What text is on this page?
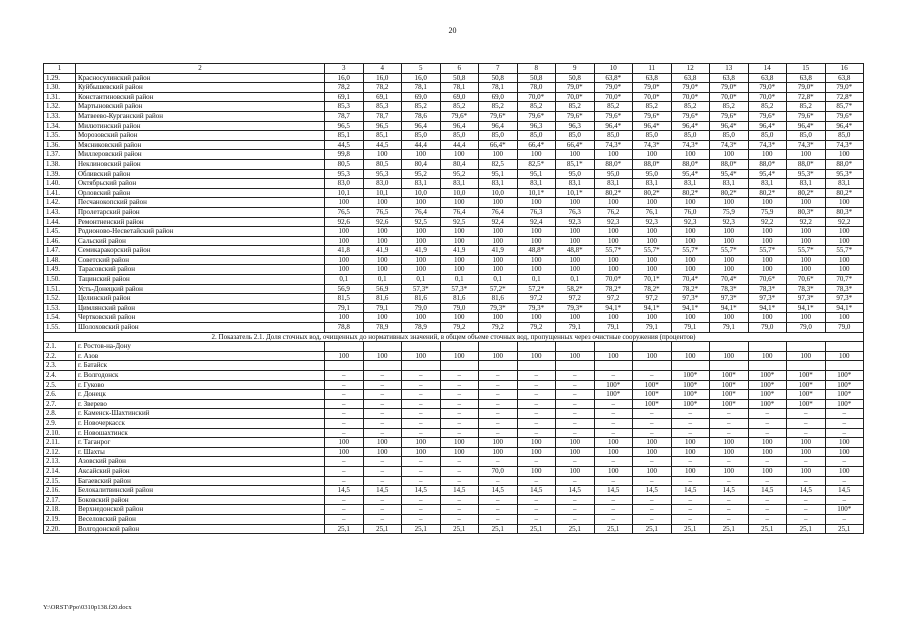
20
1	2	3	4	5	6	7	8	9	10	11	12	13	14	15	16
1.29.	Красносулинский район	16,0	16,0	16,0	50,8	50,8	50,8	50,8	63,8*	63,8	63,8	63,8	63,8	63,8	63,8
1.30.	Куйбышевский район	78,2	78,2	78,1	78,1	78,1	78,0	79,0*	79,0*	79,0*	79,0*	79,0*	79,0*	79,0*	79,0*
1.31.	Константиновский район	69,1	69,1	69,0	69,0	69,0	70,0*	70,0*	70,0*	70,0*	70,0*	70,0*	70,0*	72,8*	72,8*
1.32.	Мартыновский район	85,3	85,3	85,2	85,2	85,2	85,2	85,2	85,2	85,2	85,2	85,2	85,2	85,2	85,7*
1.33.	Матвеево-Курганский район	78,7	78,7	78,6	79,6*	79,6*	79,6*	79,6*	79,6*	79,6*	79,6*	79,6*	79,6*	79,6*	79,6*
1.34.	Милютинский район	96,5	96,5	96,4	96,4	96,4	96,3	96,3	96,4*	96,4*	96,4*	96,4*	96,4*	96,4*	96,4*
1.35.	Морозовский район	85,1	85,1	85,0	85,0	85,0	85,0	85,0	85,0	85,0	85,0	85,0	85,0	85,0	85,0
1.36.	Мясниковский район	44,5	44,5	44,4	44,4	66,4*	66,4*	66,4*	74,3*	74,3*	74,3*	74,3*	74,3*	74,3*	74,3*
1.37.	Миллеровский район	99,8	100	100	100	100	100	100	100	100	100	100	100	100	100
1.38.	Неклиновский район	80,5	80,5	80,4	80,4	82,5	82,5*	85,1*	88,0*	88,0*	88,0*	88,0*	88,0*	88,0*	88,0*
1.39.	Обливский район	95,3	95,3	95,2	95,2	95,1	95,1	95,0	95,0	95,0	95,4*	95,4*	95,4*	95,3*	95,3*
1.40.	Октябрьский район	83,0	83,0	83,1	83,1	83,1	83,1	83,1	83,1	83,1	83,1	83,1	83,1	83,1	83,1
1.41.	Орловский район	10,1	10,1	10,0	10,0	10,0	10,1*	10,1*	80,2*	80,2*	80,2*	80,2*	80,2*	80,2*	80,2*
1.42.	Песчанокопский район	100	100	100	100	100	100	100	100	100	100	100	100	100	100
1.43.	Пролетарский район	76,5	76,5	76,4	76,4	76,4	76,3	76,3	76,2	76,1	76,0	75,9	75,9	80,3*	80,3*
1.44.	Ремонтненский район	92,6	92,6	92,5	92,5	92,4	92,4	92,3	92,3	92,3	92,3	92,3	92,2	92,2	92,2
1.45.	Родионово-Несветайский район	100	100	100	100	100	100	100	100	100	100	100	100	100	100
1.46.	Сальский район	100	100	100	100	100	100	100	100	100	100	100	100	100	100
1.47.	Семикаракорский район	41,8	41,9	41,9	41,9	41,9	48,8*	48,8*	55,7*	55,7*	55,7*	55,7*	55,7*	55,7*	55,7*
1.48.	Советский район	100	100	100	100	100	100	100	100	100	100	100	100	100	100
1.49.	Тарасовский район	100	100	100	100	100	100	100	100	100	100	100	100	100	100
1.50.	Тацинский район	0,1	0,1	0,1	0,1	0,1	0,1	0,1	70,0*	70,1*	70,4*	70,4*	70,6*	70,6*	70,7*
1.51.	Усть-Донецкий район	56,9	56,9	57,3*	57,3*	57,2*	57,2*	58,2*	78,2*	78,2*	78,2*	78,3*	78,3*	78,3*	78,3*
1.52.	Целинский район	81,5	81,6	81,6	81,6	81,6	97,2	97,2	97,2	97,2	97,3*	97,3*	97,3*	97,3*	97,3*
1.53.	Цимлянский район	79,1	79,1	79,0	79,0	79,3*	79,3*	79,3*	94,1*	94,1*	94,1*	94,1*	94,1*	94,1*	94,1*
1.54.	Чертковский район	100	100	100	100	100	100	100	100	100	100	100	100	100	100
1.55.	Шолоховский район	78,8	78,9	78,9	79,2	79,2	79,2	79,1	79,1	79,1	79,1	79,1	79,0	79,0	79,0
2. Показатель 2.1. Доля сточных вод, очищенных до нормативных значений, в общем объеме сточных вод, пропущенных через очистные сооружения (процентов)															
2.1.	г. Ростов-на-Дону														
2.2.	г. Азов	100	100	100	100	100	100	100	100	100	100	100	100	100	100
2.3.	г. Батайск														
2.4.	г. Волгодонск	–	–	–	–	–	–	–	–	–	100*	100*	100*	100*	100*
2.5.	г. Гуково	–	–	–	–	–	–	–	100*	100*	100*	100*	100*	100*	100*
2.6.	г. Донецк	–	–	–	–	–	–	–	100*	100*	100*	100*	100*	100*	100*
2.7.	г. Зверево	–	–	–	–	–	–	–	–	100*	100*	100*	100*	100*	100*
2.8.	г. Каменск-Шахтинский	–	–	–	–	–	–	–	–	–	–	–	–	–	–
2.9.	г. Новочеркасск	–	–	–	–	–	–	–	–	–	–	–	–	–	–
2.10.	г. Новошахтинск	–	–	–	–	–	–	–	–	–	–	–	–	–	–
2.11.	г. Таганрог	100	100	100	100	100	100	100	100	100	100	100	100	100	100
2.12.	г. Шахты	100	100	100	100	100	100	100	100	100	100	100	100	100	100
2.13.	Азовский район	–	–	–	–	–	–	–	–	–	–	–	–	–	–
2.14.	Аксайский район	–	–	–	–	70,0	100	100	100	100	100	100	100	100	100
2.15.	Багаевский район	–	–	–	–	–	–	–	–	–	–	–	–	–	–
2.16.	Белокалитвинский район	14,5	14,5	14,5	14,5	14,5	14,5	14,5	14,5	14,5	14,5	14,5	14,5	14,5	14,5
2.17.	Боковский район	–	–	–	–	–	–	–	–	–	–	–	–	–	–
2.18.	Верхнедонской район	–	–	–	–	–	–	–	–	–	–	–	–	–	100*
2.19.	Веселовский район	–	–	–	–	–	–	–	–	–	–	–	–	–	–
2.20.	Волгодонской район	25,1	25,1	25,1	25,1	25,1	25,1	25,1	25,1	25,1	25,1	25,1	25,1	25,1	25,1
Y:\ORST\Ppo\0310p138.f20.docx
